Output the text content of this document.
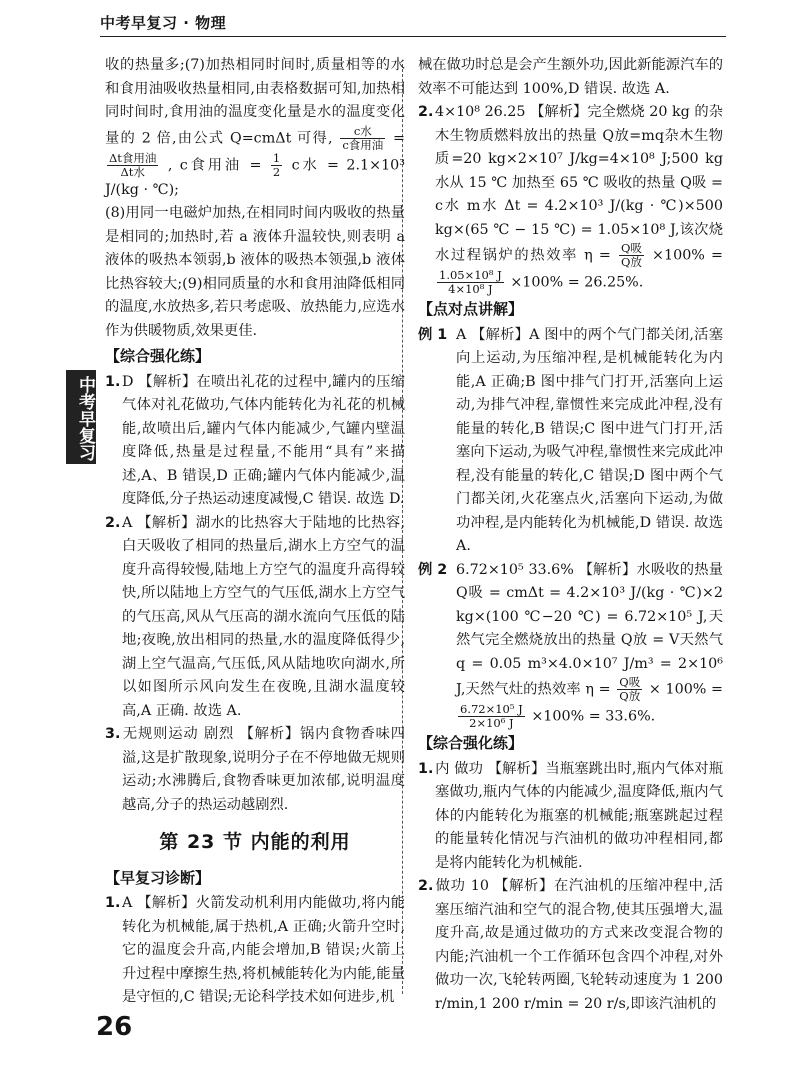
中考早复习 · 物理
中考早复习

收的热量多;(7)加热相同时间时,质量相等的水和食用油吸收热量相同,由表格数据可知,加热相同时间时,食用油的温度变化量是水的温度变化量的 2 倍,由公式 Q=cmΔt 可得, $\frac{\text{c水}}{\text{c食用油}}$ =
$\frac{\text{Δt食用油}}{\text{Δt水}}$ , c食用油 = $\frac{1}{2}$ c水 = 2.1×10³ J/(kg · ℃);

(8)用同一电磁炉加热,在相同时间内吸收的热量是相同的;加热时,若 a 液体升温较快,则表明 a 液体的吸热本领弱,b 液体的吸热本领强,b 液体比热容较大;(9)相同质量的水和食用油降低相同的温度,水放热多,若只考虑吸、放热能力,应选水作为供暖物质,效果更佳.

【综合强化练】

1. D 【解析】在喷出礼花的过程中,罐内的压缩气体对礼花做功,气体内能转化为礼花的机械能,故喷出后,罐内气体内能减少,气罐内壁温度降低,热量是过程量,不能用“具有”来描述,A、B 错误,D 正确;罐内气体内能减少,温度降低,分子热运动速度减慢,C 错误. 故选 D.

2. A 【解析】湖水的比热容大于陆地的比热容,白天吸收了相同的热量后,湖水上方空气的温度升高得较慢,陆地上方空气的温度升高得较快,所以陆地上方空气的气压低,湖水上方空气的气压高,风从气压高的湖水流向气压低的陆地;夜晚,放出相同的热量,水的温度降低得少,湖上空气温高,气压低,风从陆地吹向湖水,所以如图所示风向发生在夜晚,且湖水温度较高,A 正确. 故选 A.

3. 无规则运动 剧烈 【解析】锅内食物香味四溢,这是扩散现象,说明分子在不停地做无规则运动;水沸腾后,食物香味更加浓郁,说明温度越高,分子的热运动越剧烈.

第 23 节 内能的利用
【早复习诊断】

1. A 【解析】火箭发动机利用内能做功,将内能转化为机械能,属于热机,A 正确;火箭升空时,它的温度会升高,内能会增加,B 错误;火箭上升过程中摩擦生热,将机械能转化为内能,能量是守恒的,C 错误;无论科学技术如何进步,机

械在做功时总是会产生额外功,因此新能源汽车的效率不可能达到 100%,D 错误. 故选 A.

2. 4×10⁸ 26.25 【解析】完全燃烧 20 kg 的杂木生物质燃料放出的热量 Q放=mq杂木生物质=20 kg×2×10⁷ J/kg=4×10⁸ J;500 kg 水从 15 ℃ 加热至 65 ℃ 吸收的热量 Q吸 = c水 m水 Δt = 4.2×10³ J/(kg · ℃)×500 kg×(65 ℃ − 15 ℃) = 1.05×10⁸ J,该次烧水过程锅炉的热效率 $\eta = \frac{\text{Q吸}}{\text{Q放}} \times 100\%$ =
$\frac{\text{1.05×10⁸ J}}{\text{4×10⁸ J}} \times 100\% = 26.25\%$.

【点对点讲解】

例 1 A 【解析】A 图中的两个气门都关闭,活塞向上运动,为压缩冲程,是机械能转化为内能,A 正确;B 图中排气门打开,活塞向上运动,为排气冲程,靠惯性来完成此冲程,没有能量的转化,B 错误;C 图中进气门打开,活塞向下运动,为吸气冲程,靠惯性来完成此冲程,没有能量的转化,C 错误;D 图中两个气门都关闭,火花塞点火,活塞向下运动,为做功冲程,是内能转化为机械能,D 错误. 故选 A.

例 2 6.72×10⁵ 33.6% 【解析】水吸收的热量 Q吸 = cmΔt = 4.2×10³ J/(kg · ℃)×2 kg×(100 ℃−20 ℃) = 6.72×10⁵ J,天然气完全燃烧放出的热量 Q放 = V天然气 q = 0.05 m³×4.0×10⁷ J/m³ = 2×10⁶ J,天然气灶的热效率 $\eta = \frac{\text{Q吸}}{\text{Q放}} \times 100\%$ =
$\frac{\text{6.72×10⁵ J}}{\text{2×10⁶ J}} \times 100\% = 33.6\%$.

【综合强化练】

1. 内 做功 【解析】当瓶塞跳出时,瓶内气体对瓶塞做功,瓶内气体的内能减少,温度降低,瓶内气体的内能转化为瓶塞的机械能;瓶塞跳起过程的能量转化情况与汽油机的做功冲程相同,都是将内能转化为机械能.

2. 做功 10 【解析】在汽油机的压缩冲程中,活塞压缩汽油和空气的混合物,使其压强增大,温度升高,故是通过做功的方式来改变混合物的内能;汽油机一个工作循环包含四个冲程,对外做功一次,飞轮转两圈,飞轮转动速度为 1 200 r/min,1 200 r/min = 20 r/s,即该汽油机的

26
